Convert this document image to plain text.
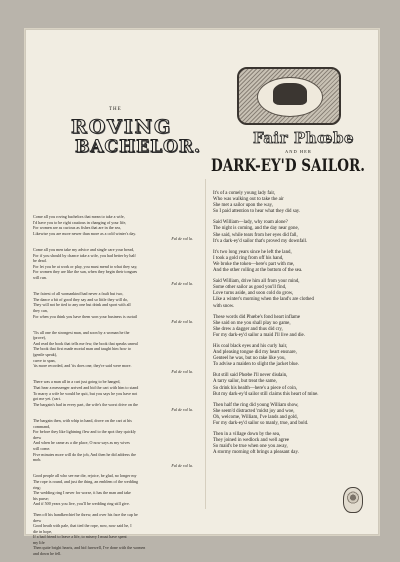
THE
ROVING
BACHELOR.
Come all you roving bachelors that mean to take a wife,
I'd have you to be right cautious in changing of your life,
For women are as curious as fishes that are in the sea,
Likewise you are more newer than more as a cold winter's day.
Fal de ral la.
Come all you men take my advice and single care your bread,
For if you should by chance take a wife, you had better by half
be dead.
For let you be at work or play, you must mend to what they say,
For women they are like the sun, when they begin their tongues
will run.
Fal de ral la.
The fairest of all womankind had never a fault but two,
The dance a bit of good they say and so little they will do,
They will not be tied to any one but drink and sport with all
they can,
For when you think you have them won your business is curtail
Fal de ral la.
'Tis all one the strongest man, and soon by a woman he the
(prove),
And read the book that tells me few, the book that speaks unreal
The book that first made mortal man and taught him how to
(gentle speak),
carve to span,
'tis more recorded, and 'tis does one, they're said were more.
Fal de ral la.
There was a man all in a cart just going to be hanged,
That hear a messenger arrived and bid the cart with him to stand
To marry a wife he would be quit, but you says he you have not
got me yet. (cart.
The bargain's bad in every part, the wife's the worst drive on the
Fal de ral la.
The bargain then, with whip in hand, drove on the cart at his
command,
For before they like lightning flew and to the spot they quickly
drew
And when he came as a die place, O now says as my wives
will come.
Five minutes more will do the job, And then he did address the
mob.
Fal de ral la.
Good people all who see me die, rejoice, be glad, no longer my
The rope is round, and just the thing, an emblem of the wedding
ring;
The wedding ring I never for worse, it has the man and take
his purse;
And if 500 years you live, you'll be wedding ring still give.
Then off his handkerchief he threw, and over his face the cap he
drew
Good heath with pale, that tied the rope, now, now said he, I
die in hope,
If a bad friend to leave a life, to misery I must have spent
my life
Then quite bright hearts, and bid farewell, I've done with the women
and down he fell.
Fair Phœbe
AND HER
DARK-EY'D SAILOR.
It's of a comely young lady fair,
Who was walking out to take the air
She met a sailor upon the way,
So I paid attention to hear what they did say.
Said William—lady, why roam alone?
The night is coming, and the day near gone,
She said, while tears from her eyes did fall,
It's a dark-ey'd sailor that's proved my downfall.
It's two long years since he left the land,
I took a gold ring from off his hand,
We broke the token—here's part with me,
And the other rolling at the bottom of the sea.
Said William, drive him all from your mind,
Some other sailor as good you'll find,
Love turns aside, and soon cold do grow,
Like a winter's morning when the land's are clothed
with snow.
These words did Phœbe's fond heart inflame
She said on me you shall play no game,
She drew a dagger and thus did cry,
For my dark-ey'd sailor a maid I'll live and die.
His coal black eyes and his curly hair,
And pleasing tongue did my heart ensnare,
Genteel he was, but no rake like you,
To advise a maiden to slight the jacket blue.
But still said Phœbe I'll never disdain,
A tarry sailor, but treat the same,
So drink his health—here's a piece of coin,
But my dark-ey'd sailor still claims this heart of mine.
Then half the ring did young William show,
She seem'd distracted 'midst joy and woe,
Oh, welcome, William, I've lands and gold,
For my dark-ey'd sailor so manly, true, and bold.
Then in a village down by the sea,
They joined in wedlock and well agree
So maid's be true when one you away,
A stormy morning oft brings a pleasant day.
